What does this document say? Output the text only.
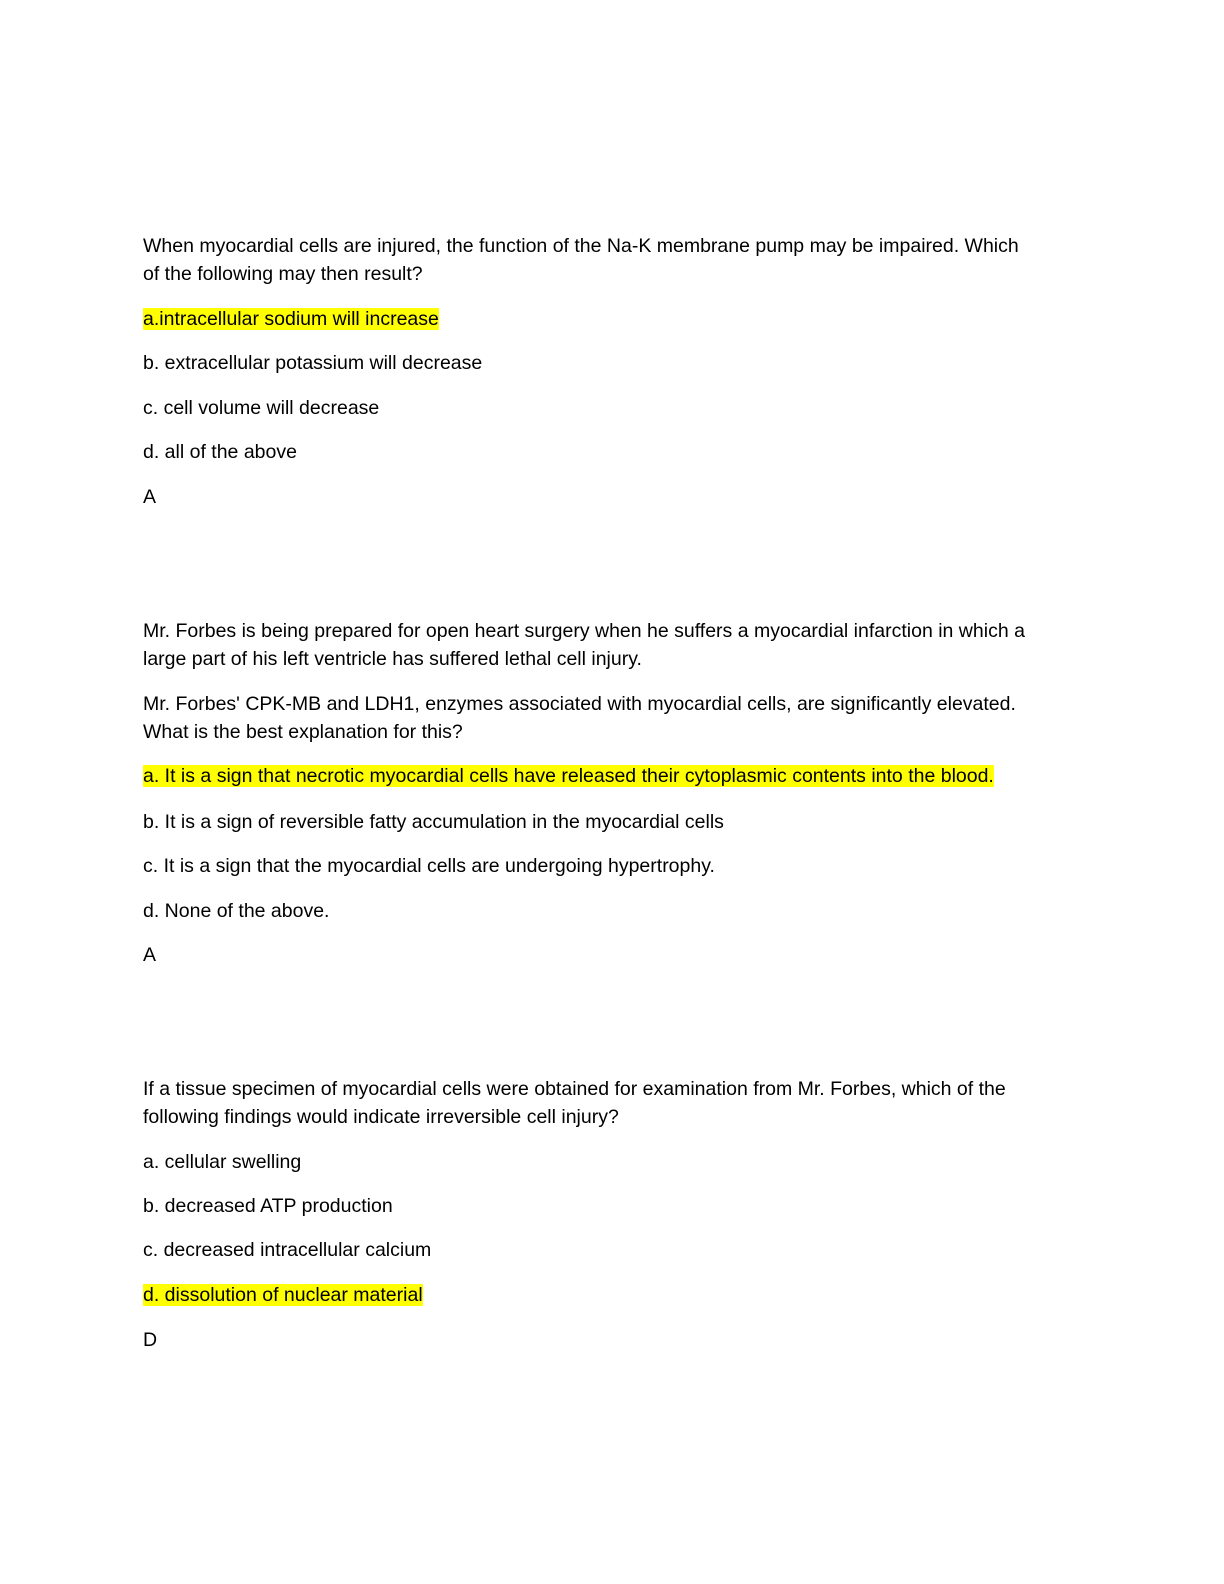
When myocardial cells are injured, the function of the Na-K membrane pump may be impaired. Which
of the following may then result?

a.intracellular sodium will increase

b. extracellular potassium will decrease

c. cell volume will decrease

d. all of the above

A

Mr. Forbes is being prepared for open heart surgery when he suffers a myocardial infarction in which a
large part of his left ventricle has suffered lethal cell injury.

Mr. Forbes' CPK-MB and LDH1, enzymes associated with myocardial cells, are significantly elevated.
What is the best explanation for this?

a. It is a sign that necrotic myocardial cells have released their cytoplasmic contents into the blood.

b. It is a sign of reversible fatty accumulation in the myocardial cells

c. It is a sign that the myocardial cells are undergoing hypertrophy.

d. None of the above.

A

If a tissue specimen of myocardial cells were obtained for examination from Mr. Forbes, which of the
following findings would indicate irreversible cell injury?

a. cellular swelling

b. decreased ATP production

c. decreased intracellular calcium

d. dissolution of nuclear material

D
